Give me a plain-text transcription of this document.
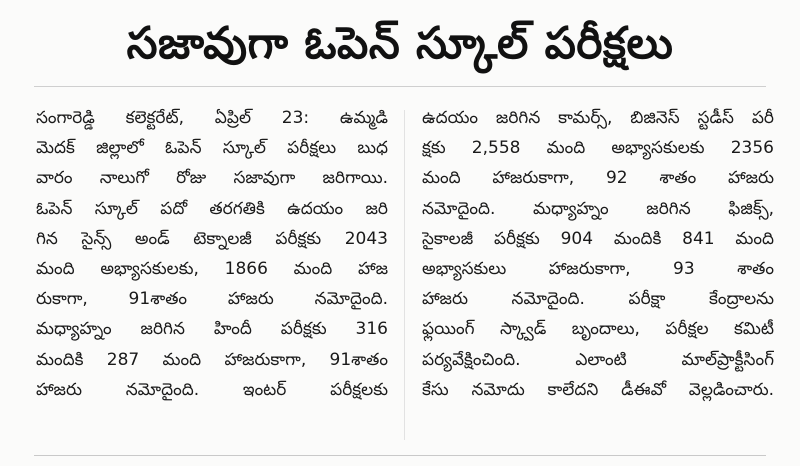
సజావుగా ఓపెన్ స్కూల్ పరీక్షలు
సంగారెడ్డి కలెక్టరేట్, ఏప్రిల్ 23: ఉమ్మడి
మెదక్ జిల్లాలో ఓపెన్ స్కూల్ పరీక్షలు బుధ
వారం నాలుగో రోజు సజావుగా జరిగాయి.
ఓపెన్ స్కూల్ పదో తరగతికి ఉదయం జరి
గిన సైన్స్ అండ్ టెక్నాలజీ పరీక్షకు 2043
మంది అభ్యాసకులకు, 1866 మంది హాజ
రుకాగా, 91శాతం హాజరు నమోదైంది.
మధ్యాహ్నం జరిగిన హిందీ పరీక్షకు 316
మందికి 287 మంది హాజరుకాగా, 91శాతం
హాజరు నమోదైంది. ఇంటర్ పరీక్షలకు
ఉదయం జరిగిన కామర్స్, బిజినెస్ స్టడీస్ పరీ
క్షకు 2,558 మంది అభ్యాసకులకు 2356
మంది హాజరుకాగా, 92 శాతం హాజరు
నమోదైంది. మధ్యాహ్నం జరిగిన ఫిజిక్స్,
సైకాలజీ పరీక్షకు 904 మందికి 841 మంది
అభ్యాసకులు హాజరుకాగా, 93 శాతం
హాజరు నమోదైంది. పరీక్షా కేంద్రాలను
ఫ్లయింగ్ స్క్వాడ్ బృందాలు, పరీక్షల కమిటీ
పర్యవేక్షించింది. ఎలాంటి మాల్‌ప్రాక్టీసింగ్
కేసు నమోదు కాలేదని డీఈవో వెల్లడించారు.
